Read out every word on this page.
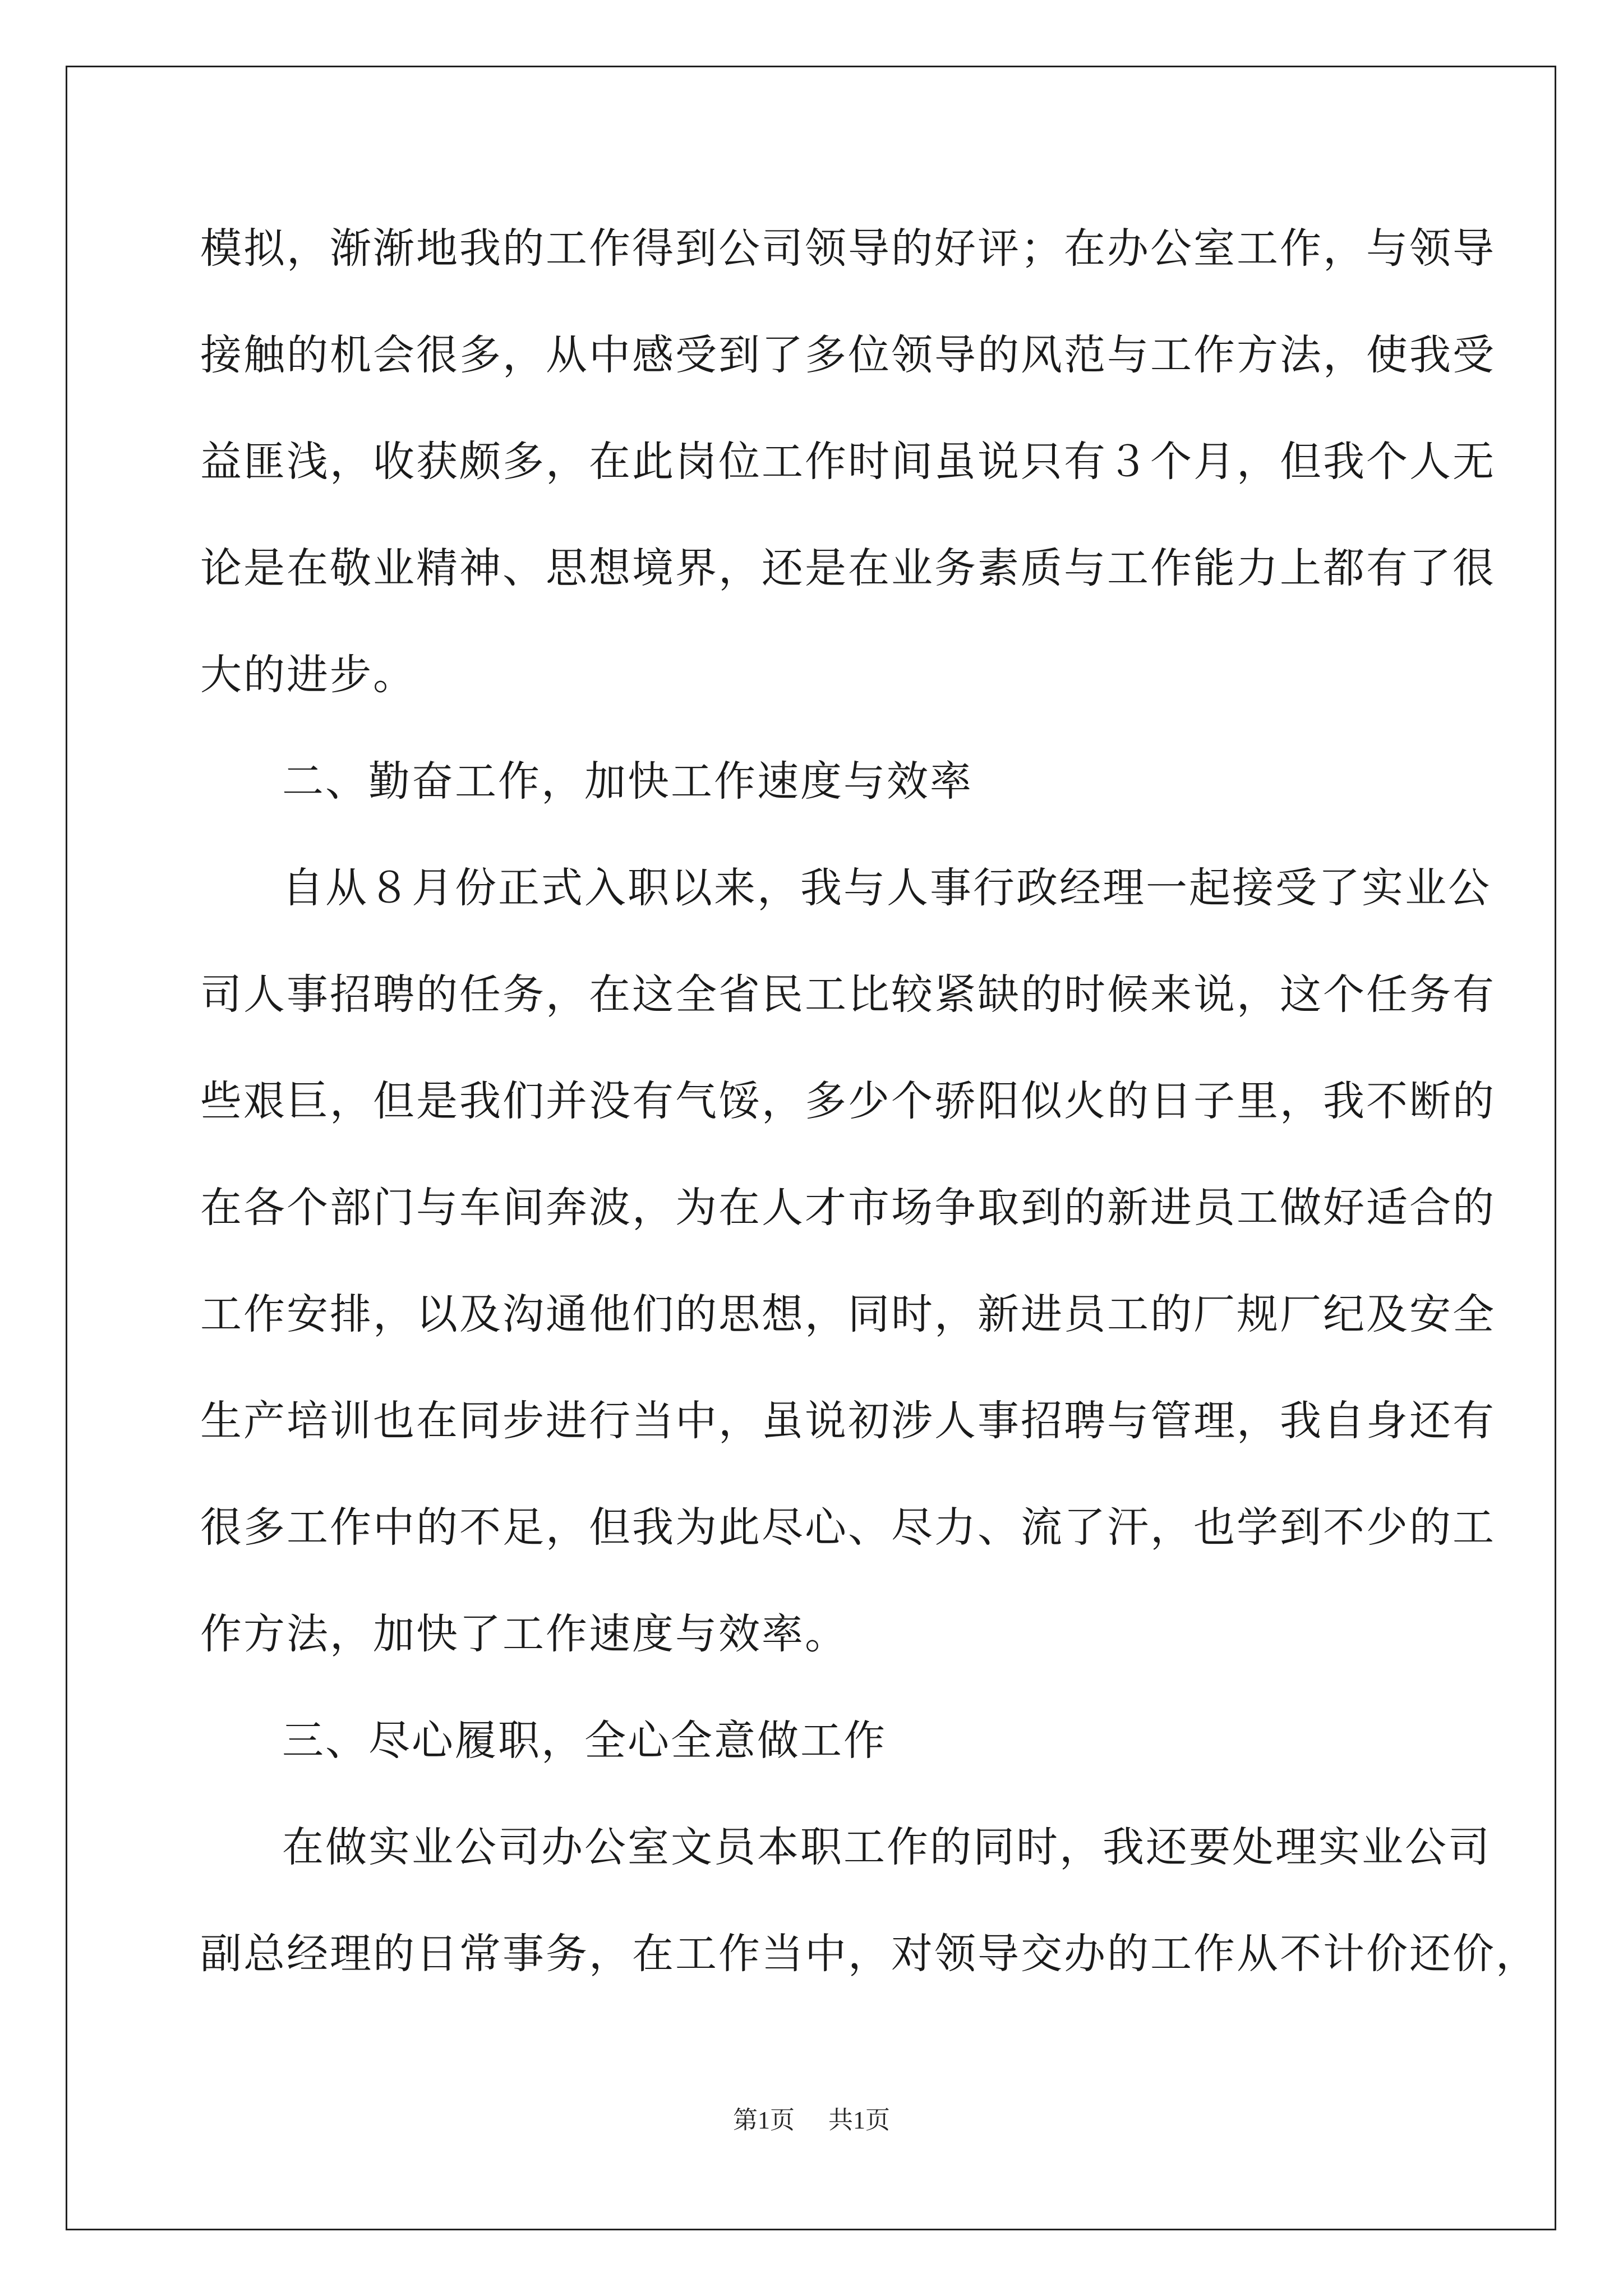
模拟，渐渐地我的工作得到公司领导的好评；在办公室工作，与领导
接触的机会很多，从中感受到了多位领导的风范与工作方法，使我受
益匪浅，收获颇多，在此岗位工作时间虽说只有３个月，但我个人无
论是在敬业精神、思想境界，还是在业务素质与工作能力上都有了很
大的进步。
二、勤奋工作，加快工作速度与效率
自从８月份正式入职以来，我与人事行政经理一起接受了实业公
司人事招聘的任务，在这全省民工比较紧缺的时候来说，这个任务有
些艰巨，但是我们并没有气馁，多少个骄阳似火的日子里，我不断的
在各个部门与车间奔波，为在人才市场争取到的新进员工做好适合的
工作安排，以及沟通他们的思想，同时，新进员工的厂规厂纪及安全
生产培训也在同步进行当中，虽说初涉人事招聘与管理，我自身还有
很多工作中的不足，但我为此尽心、尽力、流了汗，也学到不少的工
作方法，加快了工作速度与效率。
三、尽心履职，全心全意做工作
在做实业公司办公室文员本职工作的同时，我还要处理实业公司
副总经理的日常事务，在工作当中，对领导交办的工作从不计价还价，
第1页 共1页
